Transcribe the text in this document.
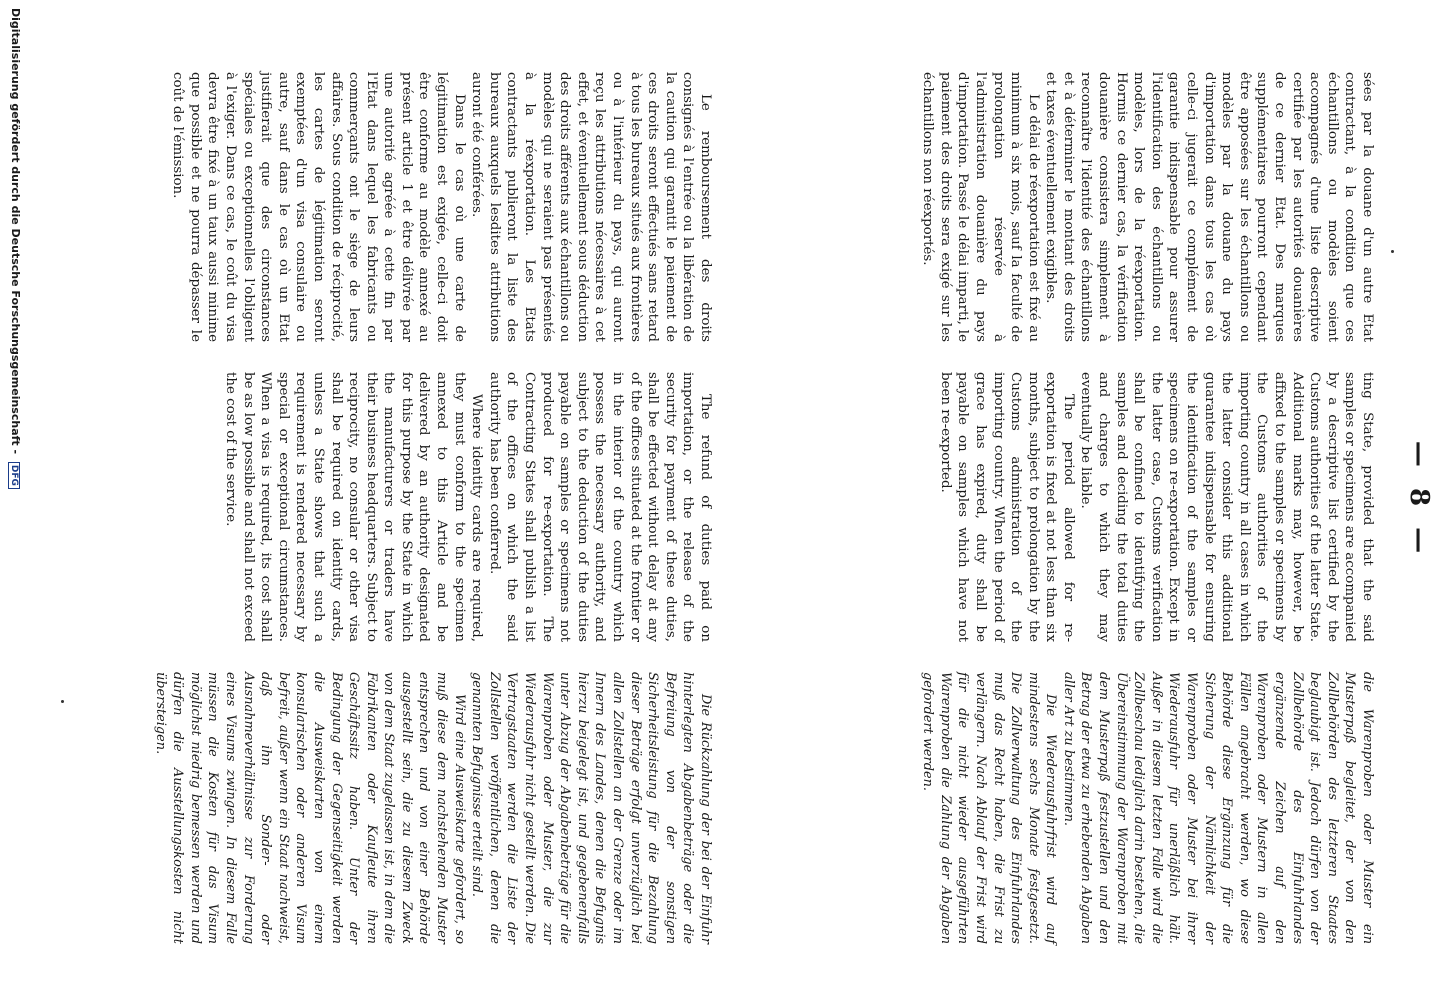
— 8 —

sées par la douane d'un autre Etat contractant, à la condition que ces échantillons ou modèles soient accompagnés d'une liste descriptive certifiée par les autorités douanières de ce dernier Etat. Des marques supplémentaires pourront cependant être apposées sur les échantillons ou modèles par la douane du pays d'importation dans tous les cas où celle-ci jugerait ce complément de garantie indispensable pour assurer l'identification des échantillons ou modèles, lors de la réexportation. Hormis ce dernier cas, la vérification douanière consistera simplement à reconnaître l'identité des échantillons et à déterminer le montant des droits et taxes éventuellement exigibles.

Le délai de réexportation est fixé au minimum à six mois, sauf la faculté de prolongation réservée à l'administration douanière du pays d'importation. Passé le délai imparti, le paiement des droits sera exigé sur les échantillons non réexportés.

ting State, provided that the said samples or specimens are accompanied by a descriptive list certified by the Customs authorities of the latter State. Additional marks may, however, be affixed to the samples or specimens by the Customs authorities of the importing country in all cases in which the latter consider this additional guarantee indispensable for ensuring the identification of the samples or specimens on re-exportation. Except in the latter case, Customs verification shall be confined to identifying the samples and deciding the total duties and charges to which they may eventually be liable.

The period allowed for re-exportation is fixed at not less than six months, subject to prolongation by the Customs administration of the importing country. When the period of grace has expired, duty shall be payable on samples which have not been re-exported.

die Warenproben oder Muster ein Musterpaß begleitet, der von den Zollbehörden des letzteren Staates beglaubigt ist. Jedoch dürfen von der Zollbehörde des Einfuhrlandes ergänzende Zeichen auf den Warenproben oder Mustern in allen Fällen angebracht werden, wo diese Behörde diese Ergänzung für die Sicherung der Nämlichkeit der Warenproben oder Muster bei ihrer Wiederausfuhr für unerläßlich hält. Außer in diesem letzten Falle wird die Zollbeschau lediglich darin bestehen, die Übereinstimmung der Warenproben mit dem Musterpaß festzustellen und den Betrag der etwa zu erhebenden Abgaben aller Art zu bestimmen.

Die Wiederausfuhrfrist wird auf mindestens sechs Monate festgesetzt. Die Zollverwaltung des Einfuhrlandes muß das Recht haben, die Frist zu verlängern. Nach Ablauf der Frist wird für die nicht wieder ausgeführten Warenproben die Zahlung der Abgaben gefordert werden.

Le remboursement des droits consignés à l'entrée ou la libération de la caution qui garantit le paiement de ces droits seront effectués sans retard à tous les bureaux situés aux frontières ou à l'intérieur du pays, qui auront reçu les attributions nécessaires à cet effet, et éventuellement sous déduction des droits afférents aux échantillons ou modèles qui ne seraient pas présentés à la réexportation. Les Etats contractants publieront la liste des bureaux auxquels lesdites attributions auront été conférées.

Dans le cas où une carte de légitimation est exigée, celle-ci doit être conforme au modèle annexé au présent article 1 et être délivrée par une autorité agréée à cette fin par l'Etat dans lequel les fabricants ou commerçants ont le siège de leurs affaires. Sous condition de réciprocité, les cartes de légitimation seront exemptées d'un visa consulaire ou autre, sauf dans le cas où un Etat justifierait que des circonstances spéciales ou exceptionnelles l'obligent à l'exiger. Dans ce cas, le coût du visa devra être fixé à un taux aussi minime que possible et ne pourra dépasser le coût de l'émission.

The refund of duties paid on importation, or the release of the security for payment of these duties, shall be effected without delay at any of the offices situated at the frontier or in the interior of the country which possess the necessary authority, and subject to the deduction of the duties payable on samples or specimens not produced for re-exportation. The Contracting States shall publish a list of the offices on which the said authority has been conferred.

Where identity cards are required, they must conform to the specimen annexed to this Article and be delivered by an authority designated for this purpose by the State in which the manufacturers or traders have their business headquarters. Subject to reciprocity, no consular or other visa shall be required on identity cards, unless a State shows that such a requirement is rendered necessary by special or exceptional circumstances. When a visa is required, its cost shall be as low possible and shall not exceed the cost of the service.

Die Rückzahlung der bei der Einfuhr hinterlegten Abgabenbeträge oder die Befreiung von der sonstigen Sicherheitsleistung für die Bezahlung dieser Beträge erfolgt unverzüglich bei allen Zollstellen an der Grenze oder im Innern des Landes, denen die Befugnis hierzu beigelegt ist, und gegebenenfalls unter Abzug der Abgabenbeträge für die Warenproben oder Muster, die zur Wiederausfuhr nicht gestellt werden. Die Vertragstaaten werden die Liste der Zollstellen veröffentlichen, denen die genannten Befugnisse erteilt sind.

Wird eine Ausweiskarte gefordert, so muß diese dem nachstehenden Muster entsprechen und von einer Behörde ausgestellt sein, die zu diesem Zweck von dem Staat zugelassen ist, in dem die Fabrikanten oder Kaufleute ihren Geschäftssitz haben. Unter der Bedingung der Gegenseitigkeit werden die Ausweiskarten von einem konsularischen oder anderen Visum befreit, außer wenn ein Staat nachweist, daß ihn Sonder- oder Ausnahmeverhältnisse zur Forderung eines Visums zwingen. In diesem Falle müssen die Kosten für das Visum möglichst niedrig bemessen werden und dürfen die Ausstellungskosten nicht übersteigen.

Digitalisierung gefördert durch die Deutsche Forschungsgemeinschaft - DFG
